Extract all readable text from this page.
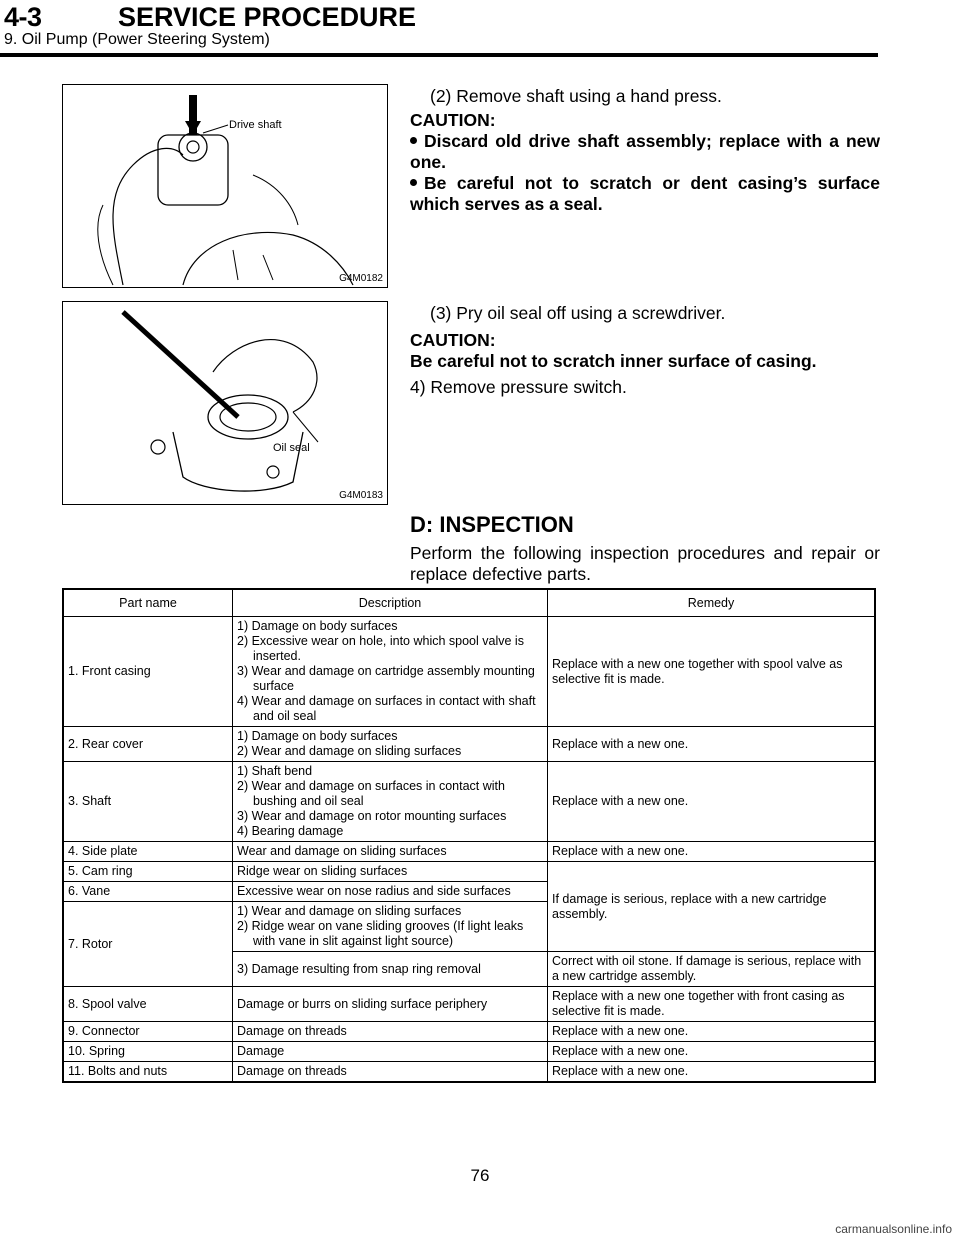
4-3	SERVICE PROCEDURE
9. Oil Pump (Power Steering System)
Drive shaft
G4M0182
(2) Remove shaft using a hand press.
CAUTION:
Discard old drive shaft assembly; replace with a new one.
Be careful not to scratch or dent casing’s surface which serves as a seal.
Oil seal
G4M0183
(3) Pry oil seal off using a screwdriver.
CAUTION:
Be careful not to scratch inner surface of casing.
4) Remove pressure switch.
D: INSPECTION
Perform the following inspection procedures and repair or replace defective parts.
Part name	Description	Remedy
1. Front casing	1) Damage on body surfaces
2) Excessive wear on hole, into which spool valve is inserted.
3) Wear and damage on cartridge assembly mounting surface
4) Wear and damage on surfaces in contact with shaft and oil seal	Replace with a new one together with spool valve as selective fit is made.
2. Rear cover	1) Damage on body surfaces
2) Wear and damage on sliding surfaces	Replace with a new one.
3. Shaft	1) Shaft bend
2) Wear and damage on surfaces in contact with bushing and oil seal
3) Wear and damage on rotor mounting surfaces
4) Bearing damage	Replace with a new one.
4. Side plate	Wear and damage on sliding surfaces	Replace with a new one.
5. Cam ring	Ridge wear on sliding surfaces	If damage is serious, replace with a new cartridge assembly.
6. Vane	Excessive wear on nose radius and side surfaces	
7. Rotor	1) Wear and damage on sliding surfaces
2) Ridge wear on vane sliding grooves (If light leaks with vane in slit against light source)	

	3) Damage resulting from snap ring removal	Correct with oil stone. If damage is serious, replace with a new cartridge assembly.
8. Spool valve	Damage or burrs on sliding surface periphery	Replace with a new one together with front casing as selective fit is made.
9. Connector	Damage on threads	Replace with a new one.
10. Spring	Damage	Replace with a new one.
11. Bolts and nuts	Damage on threads	Replace with a new one.
76
carmanualsonline.info
